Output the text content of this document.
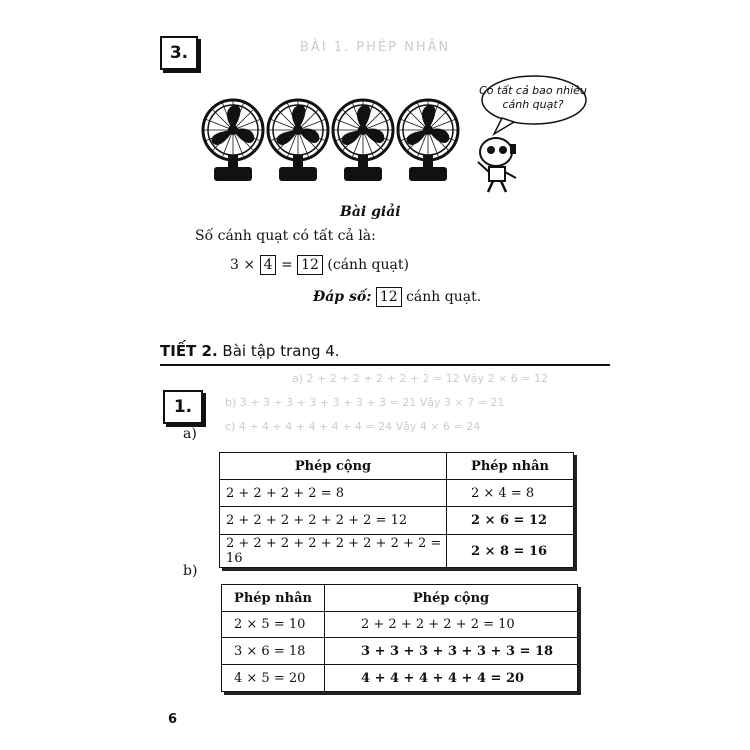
BÀI 1. PHÉP NHÂN
a) 2 + 2 + 2 + 2 + 2 + 2 = 12 Vậy 2 × 6 = 12
b) 3 + 3 + 3 + 3 + 3 + 3 + 3 = 21 Vậy 3 × 7 = 21
c) 4 + 4 + 4 + 4 + 4 + 4 = 24 Vậy 4 × 6 = 24
3.
Có tất cả bao nhiêu
cánh quạt?
Bài giải
Số cánh quạt có tất cả là:
3 × 4 = 12 (cánh quạt)
Đáp số: 12 cánh quạt.
TIẾT 2. Bài tập trang 4.
1.
a)
Phép cộng	Phép nhân
2 + 2 + 2 + 2 = 8	2 × 4 = 8
2 + 2 + 2 + 2 + 2 + 2 = 12	2 × 6 = 12
2 + 2 + 2 + 2 + 2 + 2 + 2 + 2 = 16	2 × 8 = 16
b)
Phép nhân	Phép cộng
2 × 5 = 10	2 + 2 + 2 + 2 + 2 = 10
3 × 6 = 18	3 + 3 + 3 + 3 + 3 + 3 = 18
4 × 5 = 20	4 + 4 + 4 + 4 + 4 = 20
6
